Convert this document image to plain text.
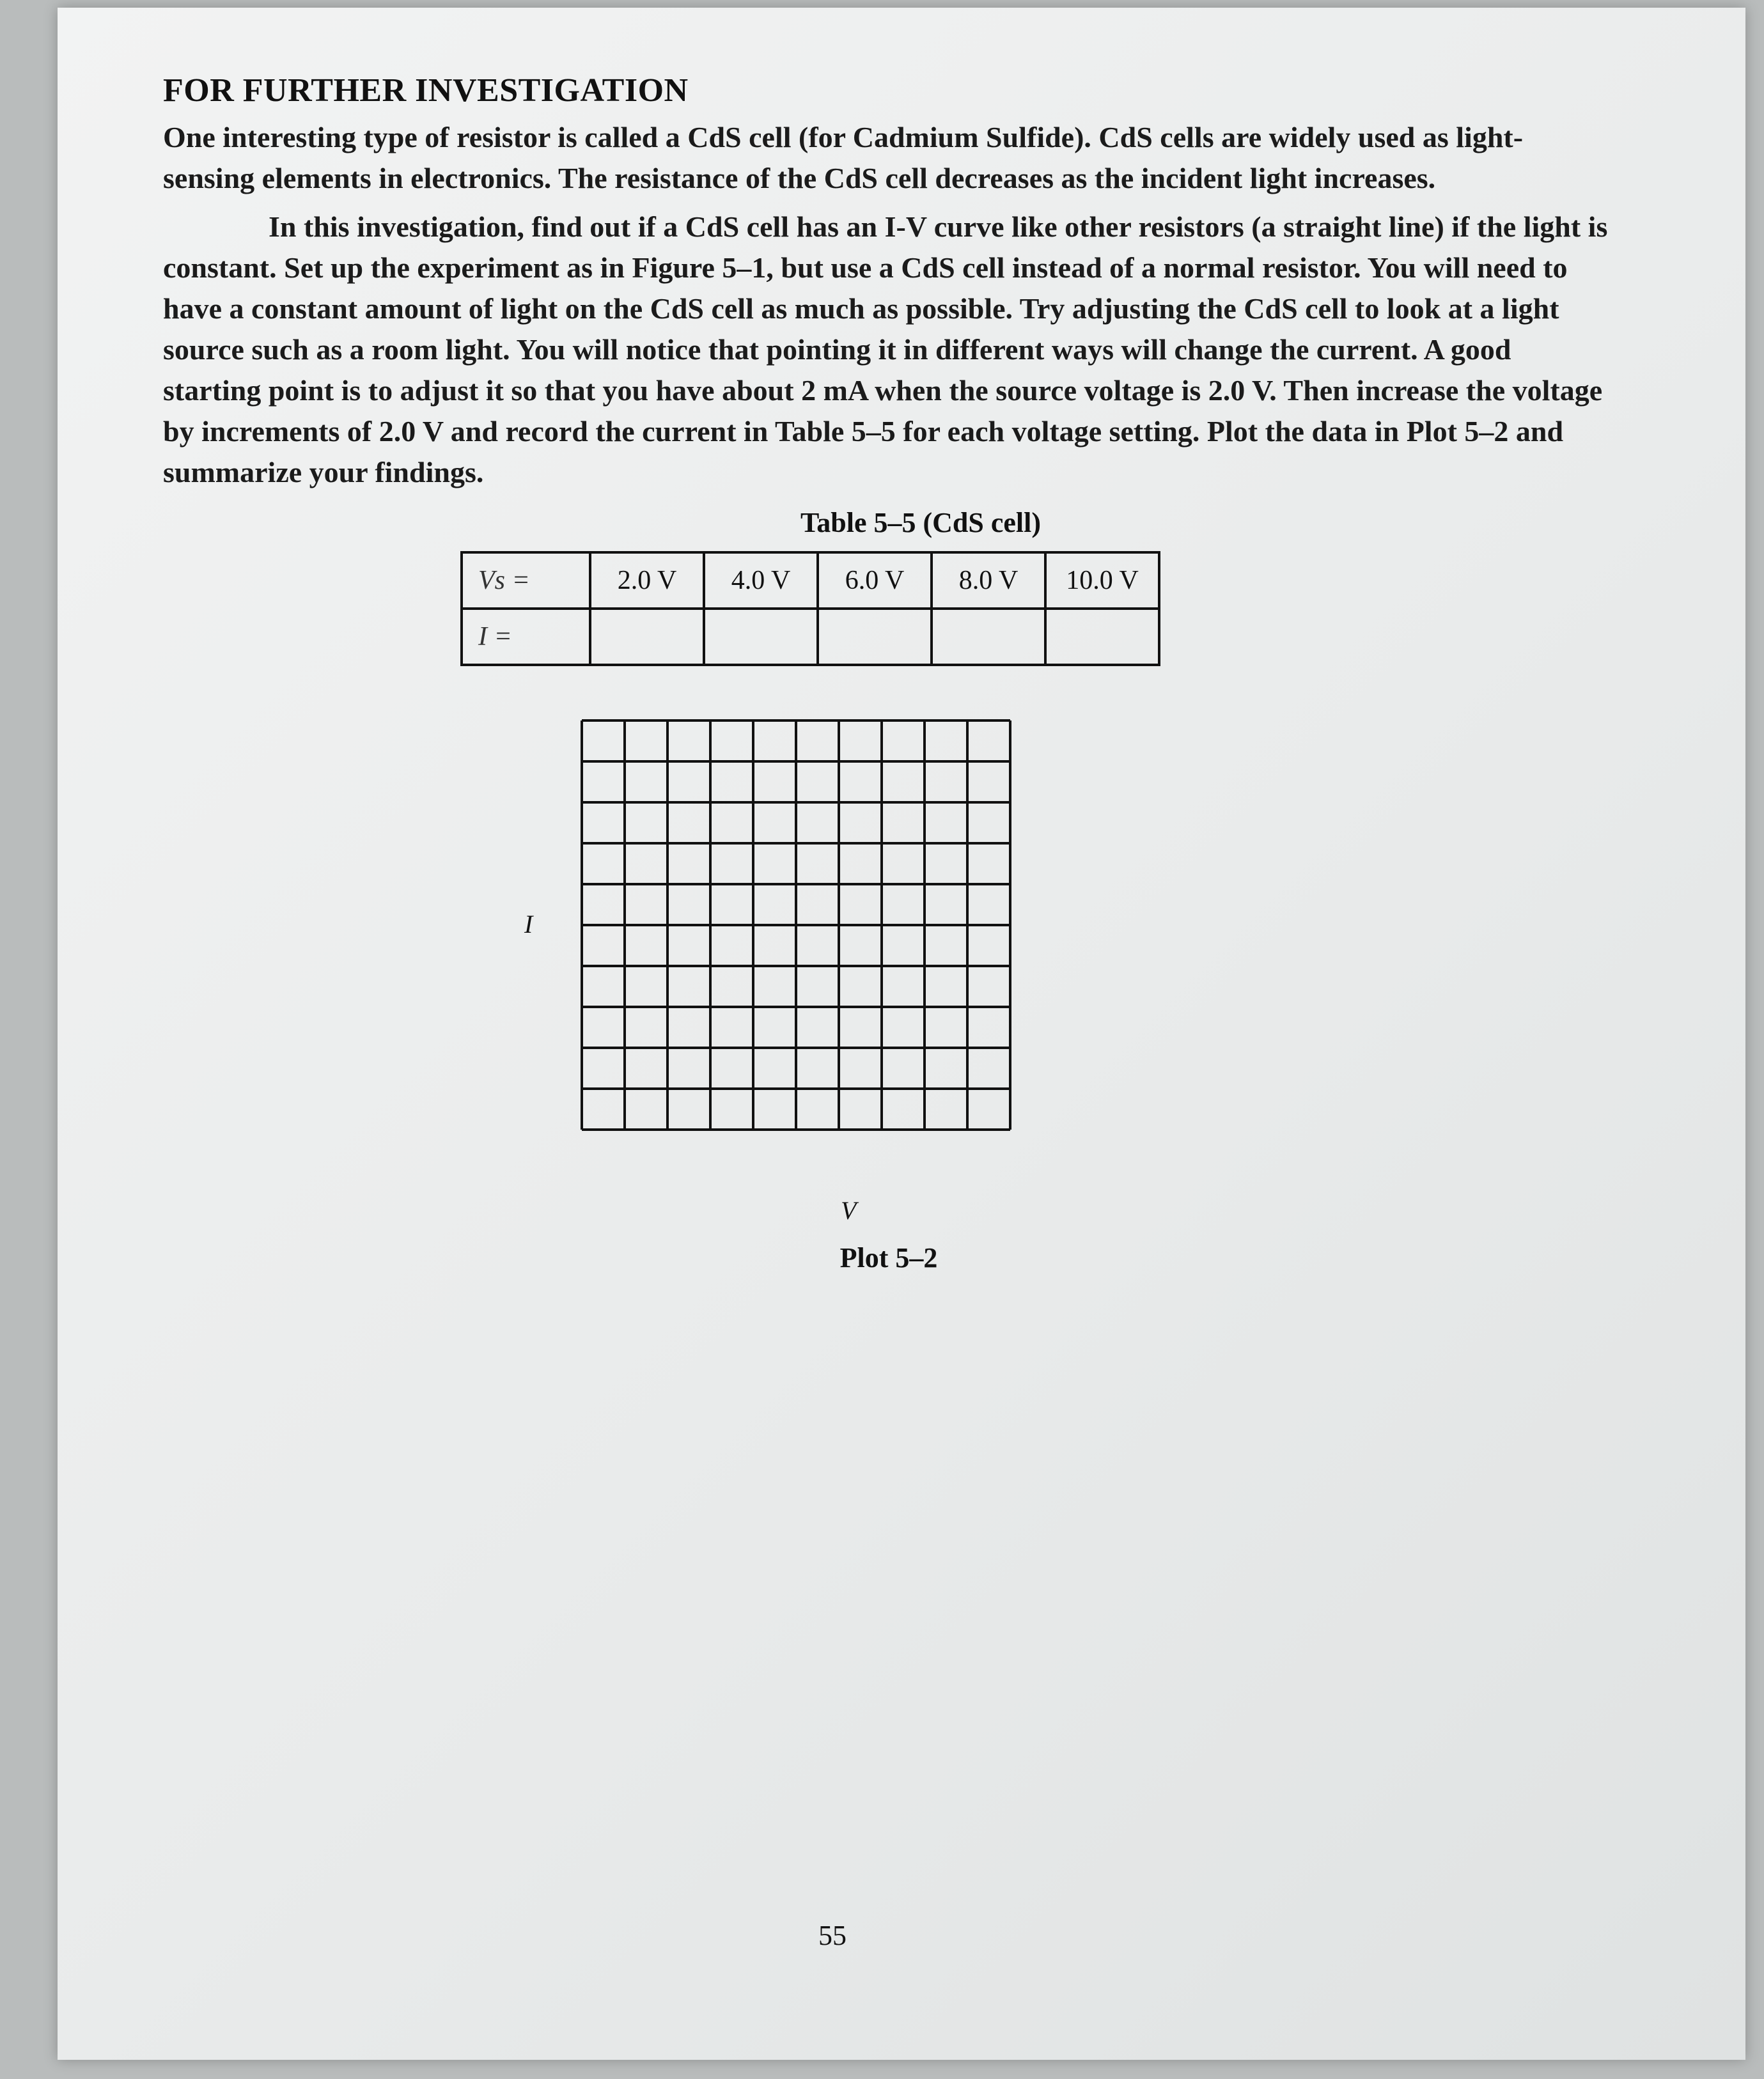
FOR FURTHER INVESTIGATION

One interesting type of resistor is called a CdS cell (for Cadmium Sulfide). CdS cells are widely used as light-sensing elements in electronics. The resistance of the CdS cell decreases as the incident light increases.

In this investigation, find out if a CdS cell has an I-V curve like other resistors (a straight line) if the light is constant. Set up the experiment as in Figure 5–1, but use a CdS cell instead of a normal resistor. You will need to have a constant amount of light on the CdS cell as much as possible. Try adjusting the CdS cell to look at a light source such as a room light. You will notice that pointing it in different ways will change the current. A good starting point is to adjust it so that you have about 2 mA when the source voltage is 2.0 V. Then increase the voltage by increments of 2.0 V and record the current in Table 5–5 for each voltage setting. Plot the data in Plot 5–2 and summarize your findings.

Table 5–5 (CdS cell)
Vs =	2.0 V	4.0 V	6.0 V	8.0 V	10.0 V
I =					
I
V
Plot 5–2
55
